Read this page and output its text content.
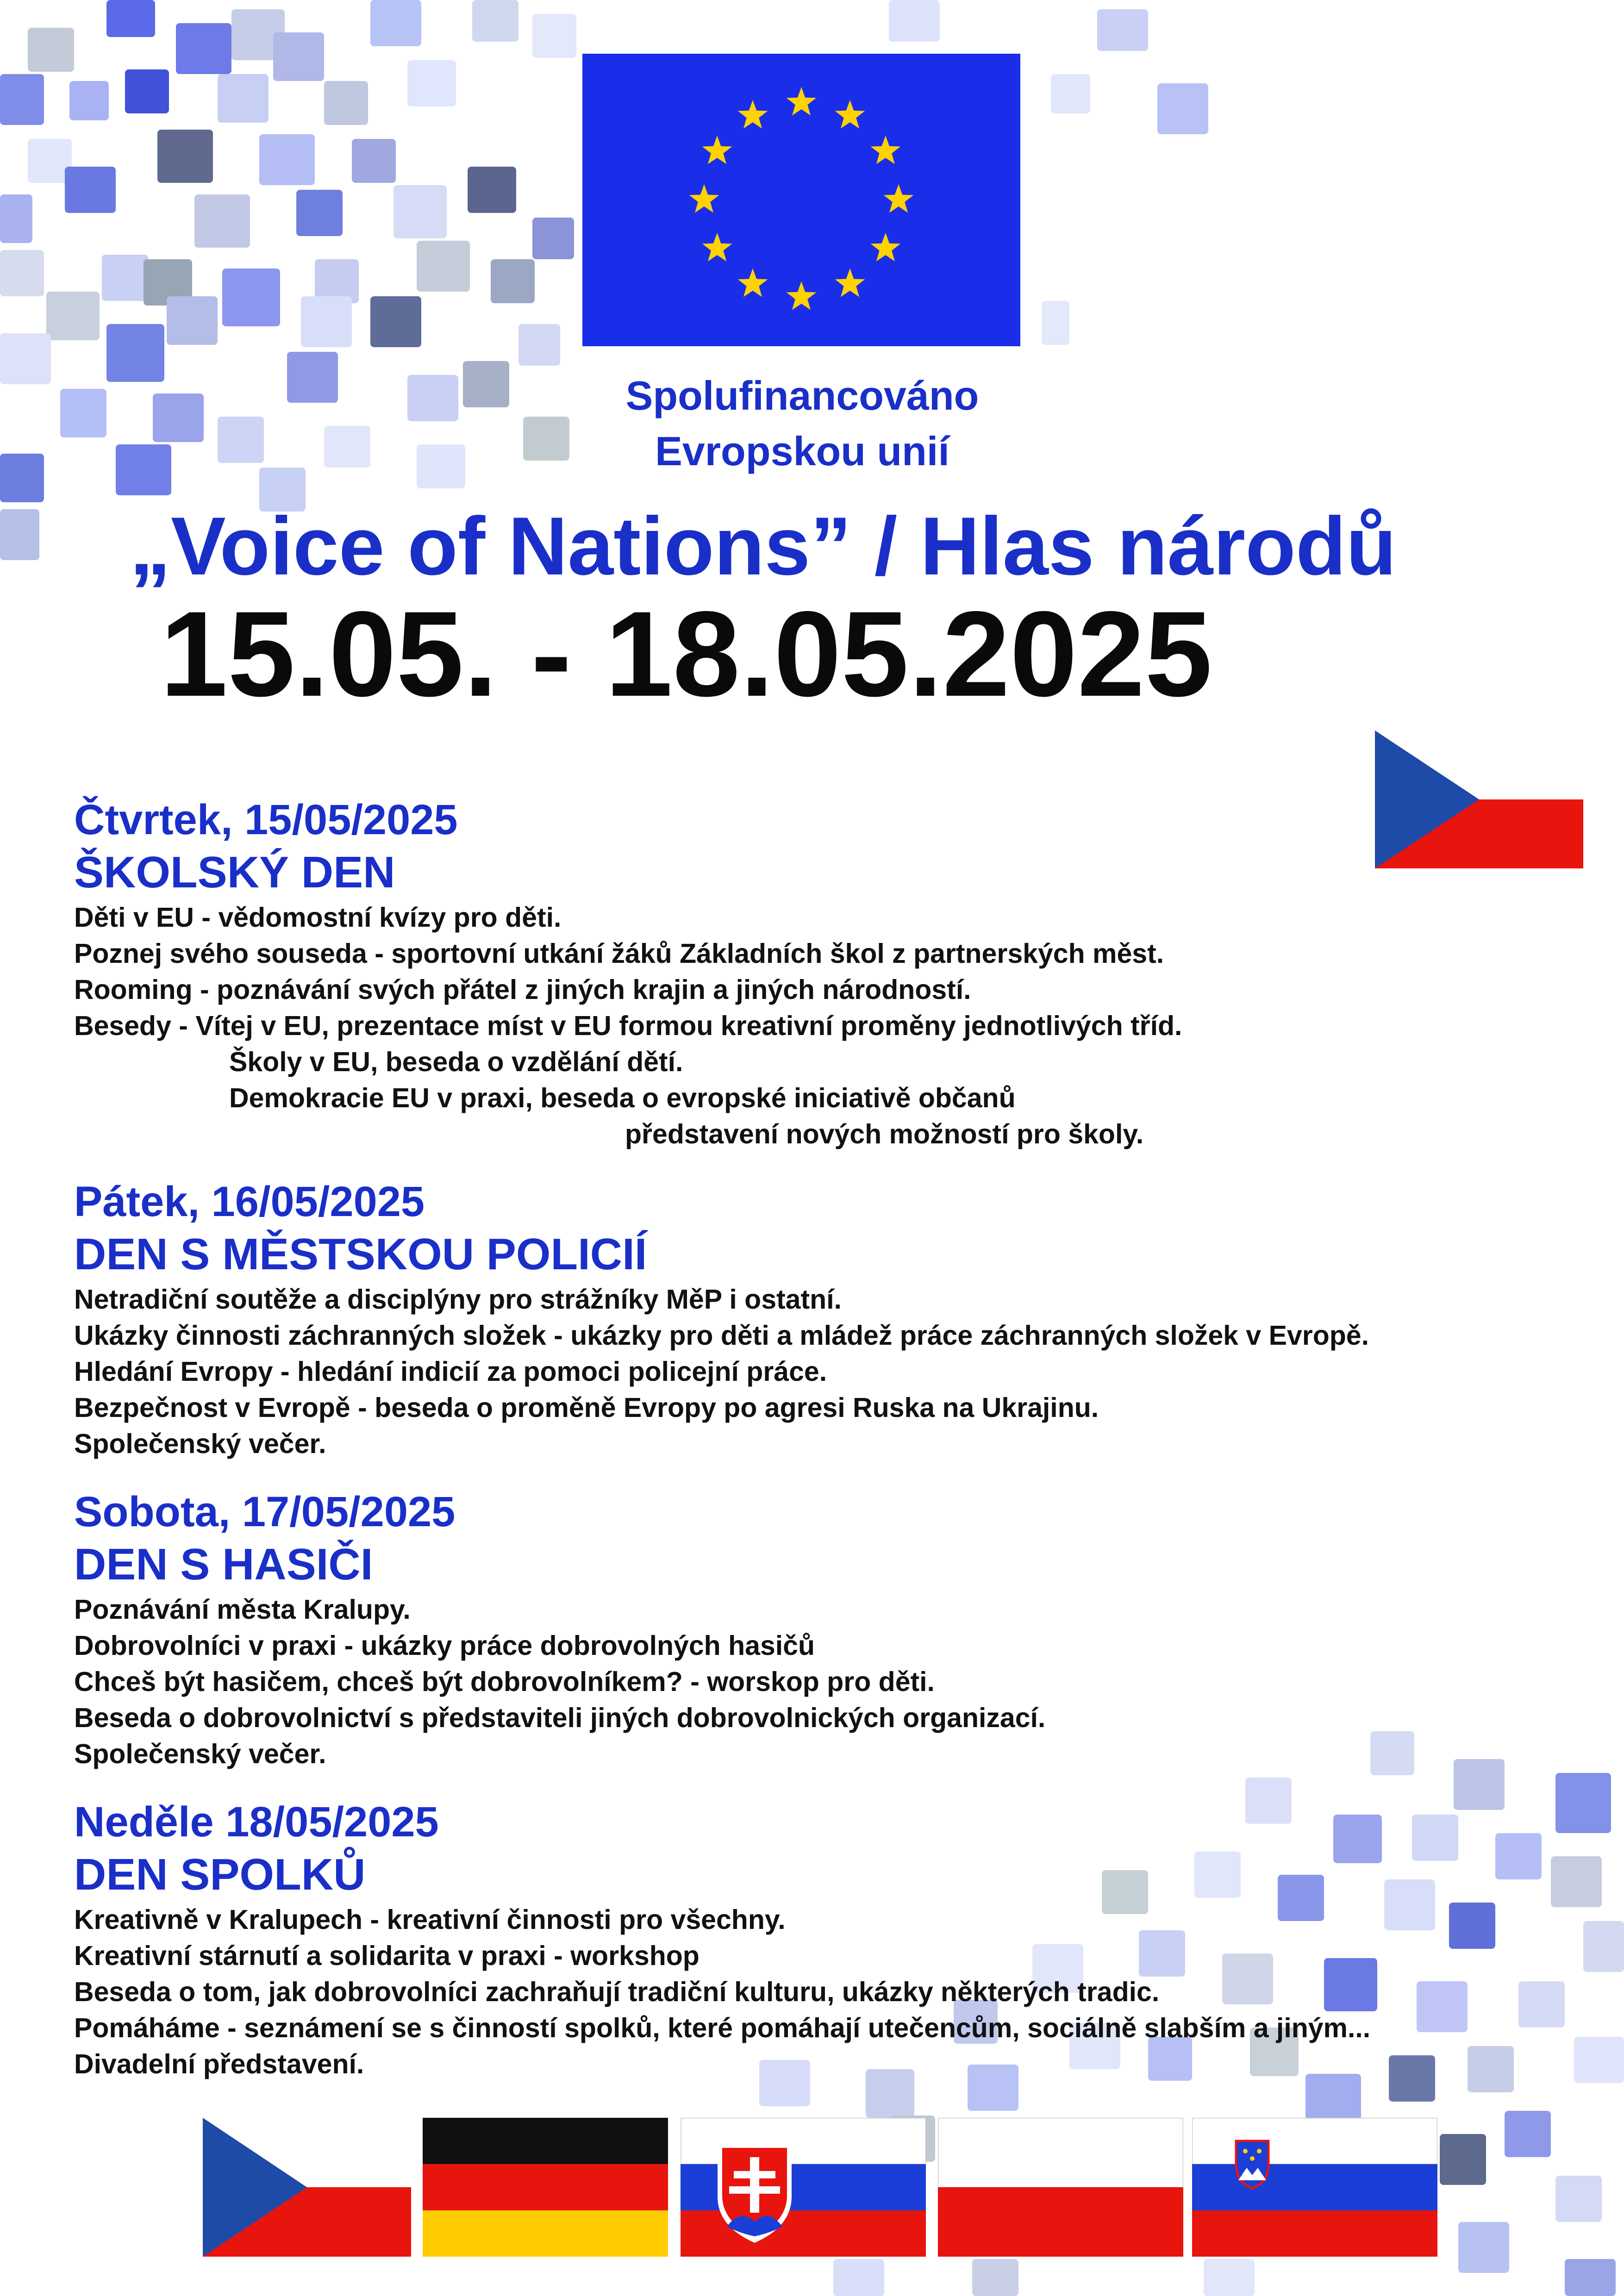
Spolufinancováno
Evropskou unií
„Voice of Nations” / Hlas národů
15.05. - 18.05.2025
Čtvrtek, 15/05/2025
ŠKOLSKÝ DEN
Děti v EU - vědomostní kvízy pro děti.
Poznej svého souseda - sportovní utkání žáků Základních škol z partnerských měst.
Rooming - poznávání svých přátel z jiných krajin a jiných národností.
Besedy - Vítej v EU, prezentace míst v EU formou kreativní proměny jednotlivých tříd.
Školy v EU, beseda o vzdělání dětí.
Demokracie EU v praxi, beseda o evropské iniciativě občanů
představení nových možností pro školy.
Pátek, 16/05/2025
DEN S MĚSTSKOU POLICIÍ
Netradiční soutěže a disciplýny pro strážníky MěP i ostatní.
Ukázky činnosti záchranných složek - ukázky pro děti a mládež práce záchranných složek v Evropě.
Hledání Evropy - hledání indicií za pomoci policejní práce.
Bezpečnost v Evropě - beseda o proměně Evropy po agresi Ruska na Ukrajinu.
Společenský večer.
Sobota, 17/05/2025
DEN S HASIČI
Poznávání města Kralupy.
Dobrovolníci v praxi - ukázky práce dobrovolných hasičů
Chceš být hasičem, chceš být dobrovolníkem? - worskop pro děti.
Beseda o dobrovolnictví s představiteli jiných dobrovolnických organizací.
Společenský večer.
Neděle 18/05/2025
DEN SPOLKŮ
Kreativně v Kralupech - kreativní činnosti pro všechny.
Kreativní stárnutí a solidarita v praxi - workshop
Beseda o tom, jak dobrovolníci zachraňují tradiční kulturu, ukázky některých tradic.
Pomáháme - seznámení se s činností spolků, které pomáhají utečencům, sociálně slabším a jiným...
Divadelní představení.
